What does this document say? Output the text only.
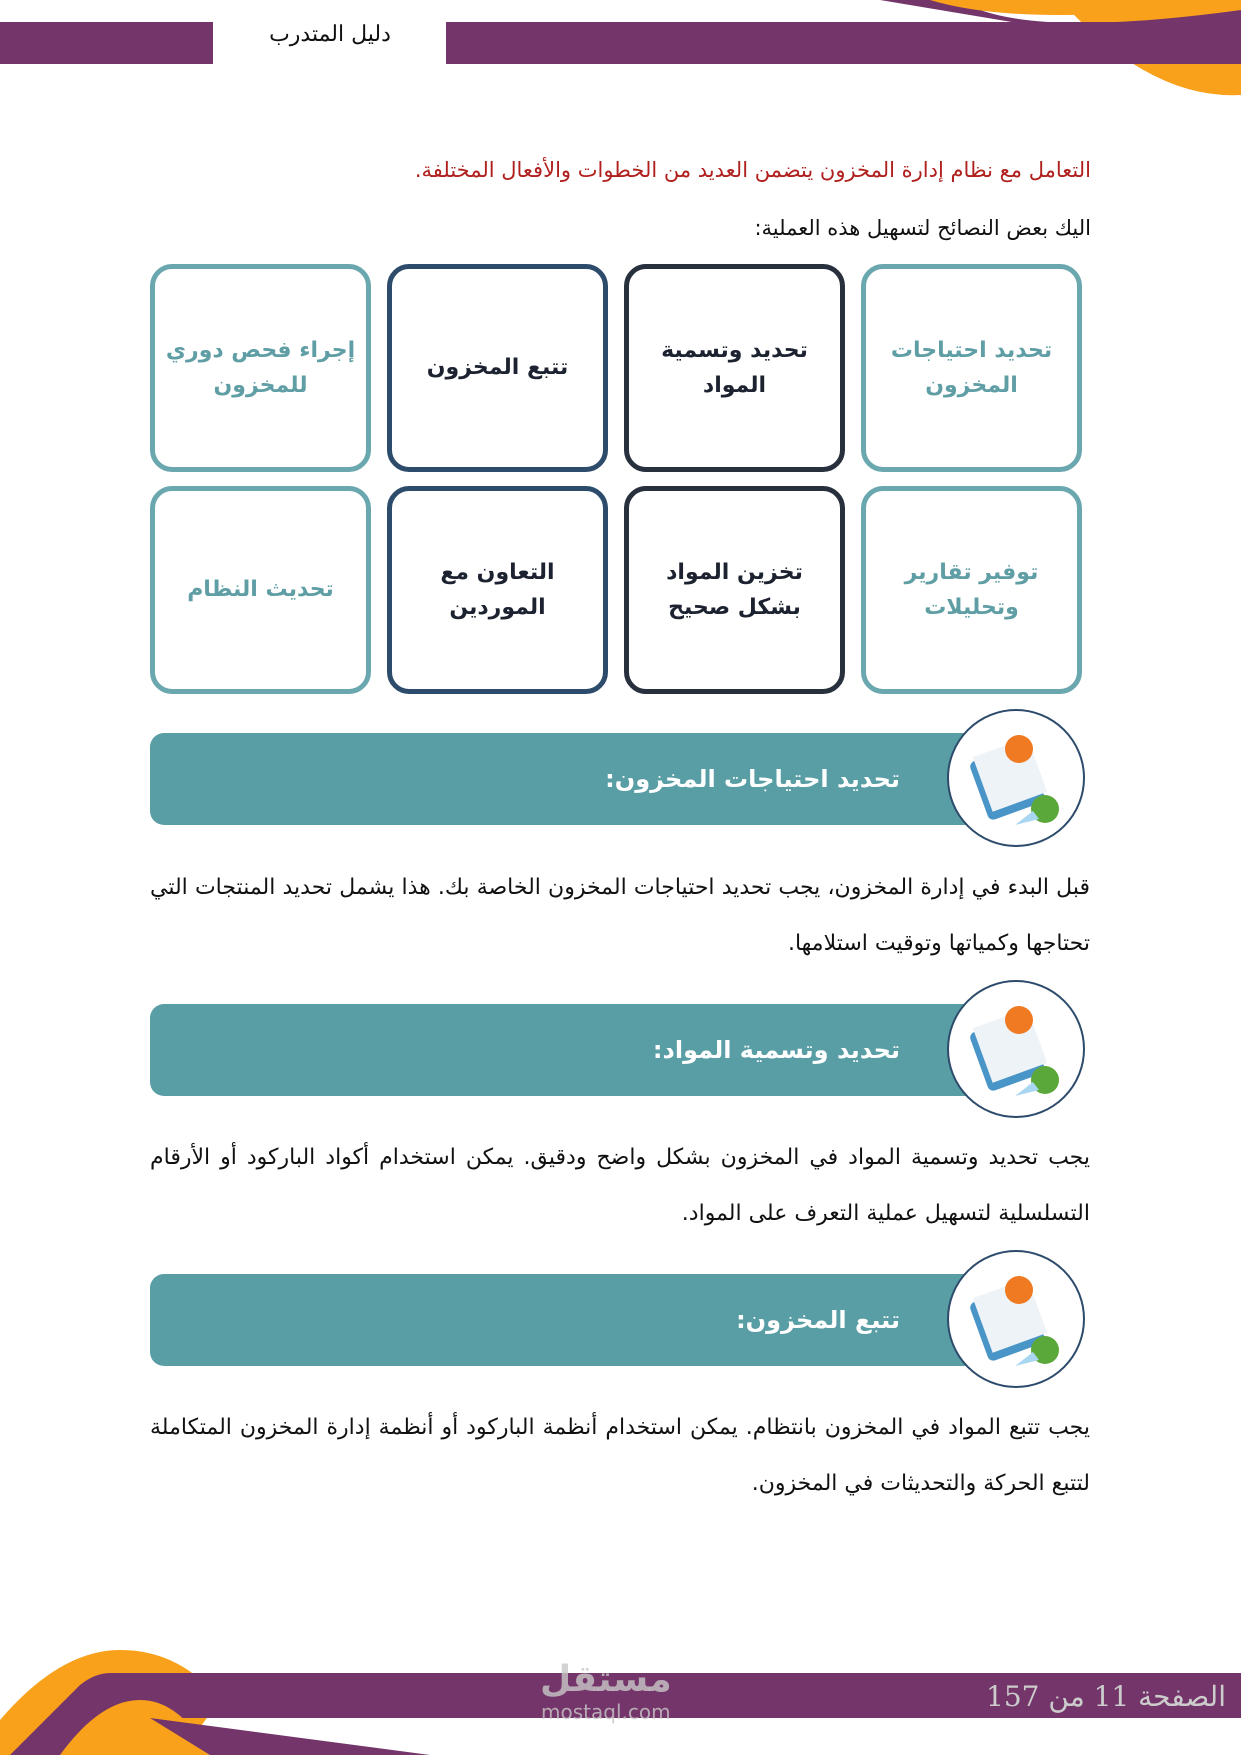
دليل المتدرب
التعامل مع نظام إدارة المخزون يتضمن العديد من الخطوات والأفعال المختلفة.
اليك بعض النصائح لتسهيل هذه العملية:
تحديد احتياجات المخزون
تحديد وتسمية المواد
تتبع المخزون
إجراء فحص دوري للمخزون
توفير تقارير وتحليلات
تخزين المواد بشكل صحيح
التعاون مع الموردين
تحديث النظام
تحديد احتياجات المخزون:
قبل البدء في إدارة المخزون، يجب تحديد احتياجات المخزون الخاصة بك. هذا يشمل تحديد المنتجات التي تحتاجها وكمياتها وتوقيت استلامها.
تحديد وتسمية المواد:
يجب تحديد وتسمية المواد في المخزون بشكل واضح ودقيق. يمكن استخدام أكواد الباركود أو الأرقام التسلسلية لتسهيل عملية التعرف على المواد.
تتبع المخزون:
يجب تتبع المواد في المخزون بانتظام. يمكن استخدام أنظمة الباركود أو أنظمة إدارة المخزون المتكاملة لتتبع الحركة والتحديثات في المخزون.
مستقل
mostaql.com	الصفحة 11 من 157
